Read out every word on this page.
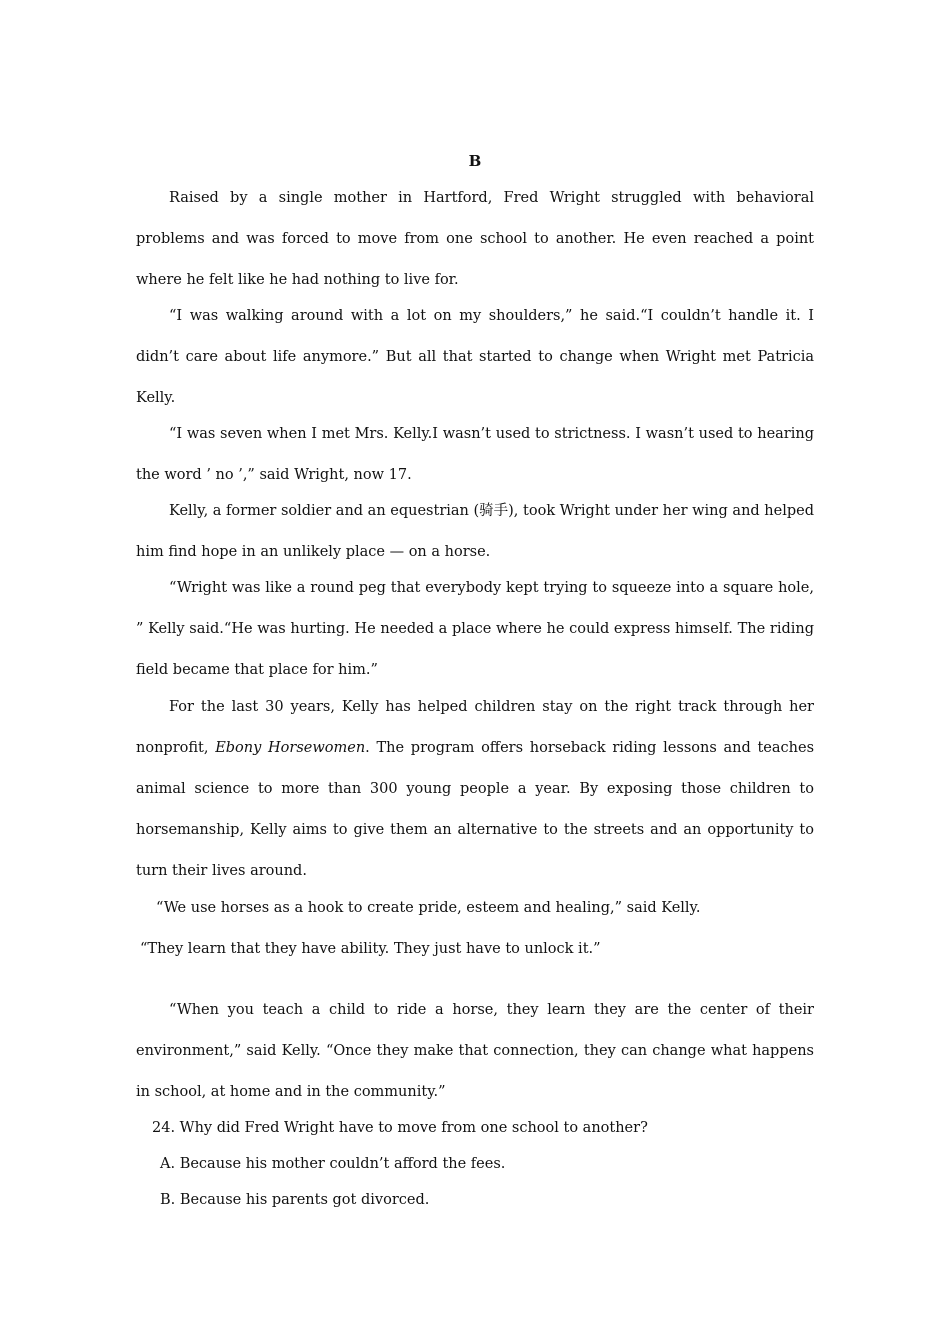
B
Raised by a single mother in Hartford, Fred Wright struggled with behavioral problems and was forced to move from one school to another. He even reached a point where he felt like he had nothing to live for.
“I was walking around with a lot on my shoulders,” he said.“I couldn’t handle it. I didn’t care about life anymore.” But all that started to change when Wright met Patricia Kelly.
“I was seven when I met Mrs. Kelly.I wasn’t used to strictness. I wasn’t used to hearing the word ’ no ’,” said Wright, now 17.
Kelly, a former soldier and an equestrian (骑手), took Wright under her wing and helped him find hope in an unlikely place — on a horse.
“Wright was like a round peg that everybody kept trying to squeeze into a square hole, ” Kelly said.“He was hurting. He needed a place where he could express himself. The riding field became that place for him.”
For the last 30 years, Kelly has helped children stay on the right track through her nonprofit, Ebony Horsewomen. The program offers horseback riding lessons and teaches animal science to more than 300 young people a year. By exposing those children to horsemanship, Kelly aims to give them an alternative to the streets and an opportunity to turn their lives around.
“We use horses as a hook to create pride, esteem and healing,” said Kelly.
“They learn that they have ability. They just have to unlock it.”
“When you teach a child to ride a horse, they learn they are the center of their environment,” said Kelly. “Once they make that connection, they can change what happens in school, at home and in the community.”
24. Why did Fred Wright have to move from one school to another?
A. Because his mother couldn’t afford the fees.
B. Because his parents got divorced.
